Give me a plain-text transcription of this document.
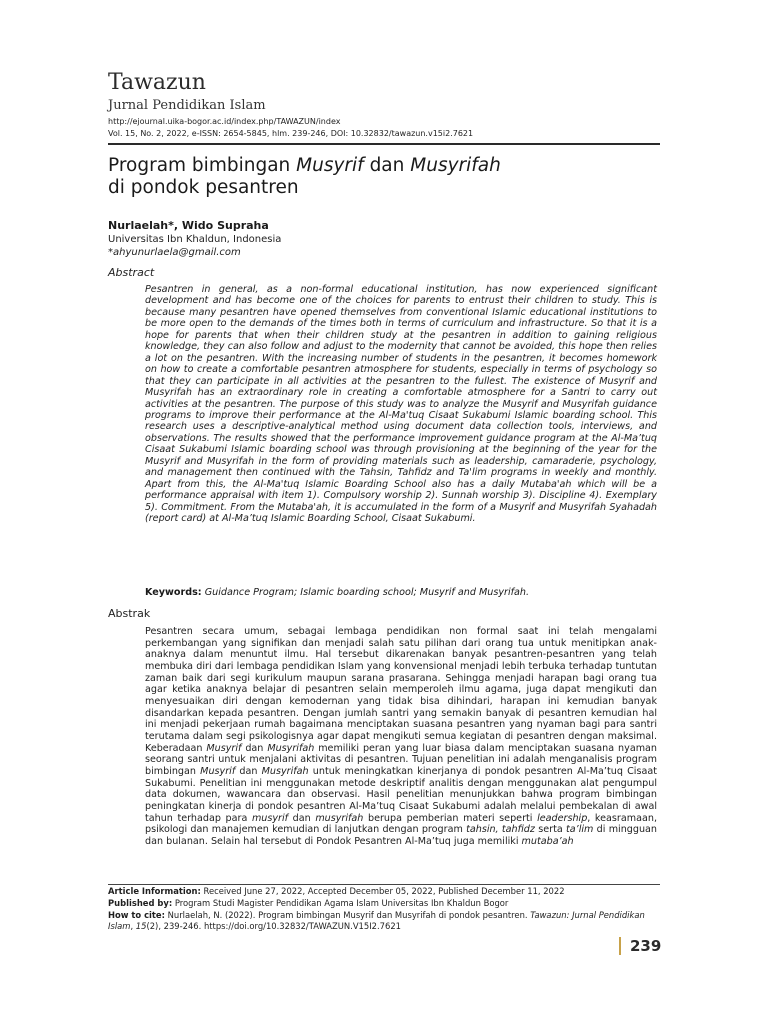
Tawazun
Jurnal Pendidikan Islam
http://ejournal.uika-bogor.ac.id/index.php/TAWAZUN/index
Vol. 15, No. 2, 2022, e-ISSN: 2654-5845, hlm. 239-246, DOI: 10.32832/tawazun.v15i2.7621
Program bimbingan Musyrif dan Musyrifah
di pondok pesantren
Nurlaelah*, Wido Supraha
Universitas Ibn Khaldun, Indonesia
*ahyunurlaela@gmail.com
Abstract
Pesantren in general, as a non-formal educational institution, has now experienced significant development and has become one of the choices for parents to entrust their children to study. This is because many pesantren have opened themselves from conventional Islamic educational institutions to be more open to the demands of the times both in terms of curriculum and infrastructure. So that it is a hope for parents that when their children study at the pesantren in addition to gaining religious knowledge, they can also follow and adjust to the modernity that cannot be avoided, this hope then relies a lot on the pesantren. With the increasing number of students in the pesantren, it becomes homework on how to create a comfortable pesantren atmosphere for students, especially in terms of psychology so that they can participate in all activities at the pesantren to the fullest. The existence of Musyrif and Musyrifah has an extraordinary role in creating a comfortable atmosphere for a Santri to carry out activities at the pesantren. The purpose of this study was to analyze the Musyrif and Musyrifah guidance programs to improve their performance at the Al-Ma'tuq Cisaat Sukabumi Islamic boarding school. This research uses a descriptive-analytical method using document data collection tools, interviews, and observations. The results showed that the performance improvement guidance program at the Al-Ma’tuq Cisaat Sukabumi Islamic boarding school was through provisioning at the beginning of the year for the Musyrif and Musyrifah in the form of providing materials such as leadership, camaraderie, psychology, and management then continued with the Tahsin, Tahfidz and Ta'lim programs in weekly and monthly. Apart from this, the Al-Ma'tuq Islamic Boarding School also has a daily Mutaba'ah which will be a performance appraisal with item 1). Compulsory worship 2). Sunnah worship 3). Discipline 4). Exemplary 5). Commitment. From the Mutaba'ah, it is accumulated in the form of a Musyrif and Musyrifah Syahadah (report card) at Al-Ma’tuq Islamic Boarding School, Cisaat Sukabumi.
Keywords: Guidance Program; Islamic boarding school; Musyrif and Musyrifah.
Abstrak
Pesantren secara umum, sebagai lembaga pendidikan non formal saat ini telah mengalami perkembangan yang signifikan dan menjadi salah satu pilihan dari orang tua untuk menitipkan anak-anaknya dalam menuntut ilmu. Hal tersebut dikarenakan banyak pesantren-pesantren yang telah membuka diri dari lembaga pendidikan Islam yang konvensional menjadi lebih terbuka terhadap tuntutan zaman baik dari segi kurikulum maupun sarana prasarana. Sehingga menjadi harapan bagi orang tua agar ketika anaknya belajar di pesantren selain memperoleh ilmu agama, juga dapat mengikuti dan menyesuaikan diri dengan kemodernan yang tidak bisa dihindari, harapan ini kemudian banyak disandarkan kepada pesantren. Dengan jumlah santri yang semakin banyak di pesantren kemudian hal ini menjadi pekerjaan rumah bagaimana menciptakan suasana pesantren yang nyaman bagi para santri terutama dalam segi psikologisnya agar dapat mengikuti semua kegiatan di pesantren dengan maksimal. Keberadaan Musyrif dan Musyrifah memiliki peran yang luar biasa dalam menciptakan suasana nyaman seorang santri untuk menjalani aktivitas di pesantren. Tujuan penelitian ini adalah menganalisis program bimbingan Musyrif dan Musyrifah untuk meningkatkan kinerjanya di pondok pesantren Al-Ma’tuq Cisaat Sukabumi. Penelitian ini menggunakan metode deskriptif analitis dengan menggunakan alat pengumpul data dokumen, wawancara dan observasi. Hasil penelitian menunjukkan bahwa program bimbingan peningkatan kinerja di pondok pesantren Al-Ma’tuq Cisaat Sukabumi adalah melalui pembekalan di awal tahun terhadap para musyrif dan musyrifah berupa pemberian materi seperti leadership, keasramaan, psikologi dan manajemen kemudian di lanjutkan dengan program tahsin, tahfidz serta ta’lim di mingguan dan bulanan. Selain hal tersebut di Pondok Pesantren Al-Ma’tuq juga memiliki mutaba’ah
Article Information: Received June 27, 2022, Accepted December 05, 2022, Published December 11, 2022
Published by: Program Studi Magister Pendidikan Agama Islam Universitas Ibn Khaldun Bogor
How to cite: Nurlaelah, N. (2022). Program bimbingan Musyrif dan Musyrifah di pondok pesantren. Tawazun: Jurnal Pendidikan Islam, 15(2), 239-246. https://doi.org/10.32832/TAWAZUN.V15I2.7621
239
